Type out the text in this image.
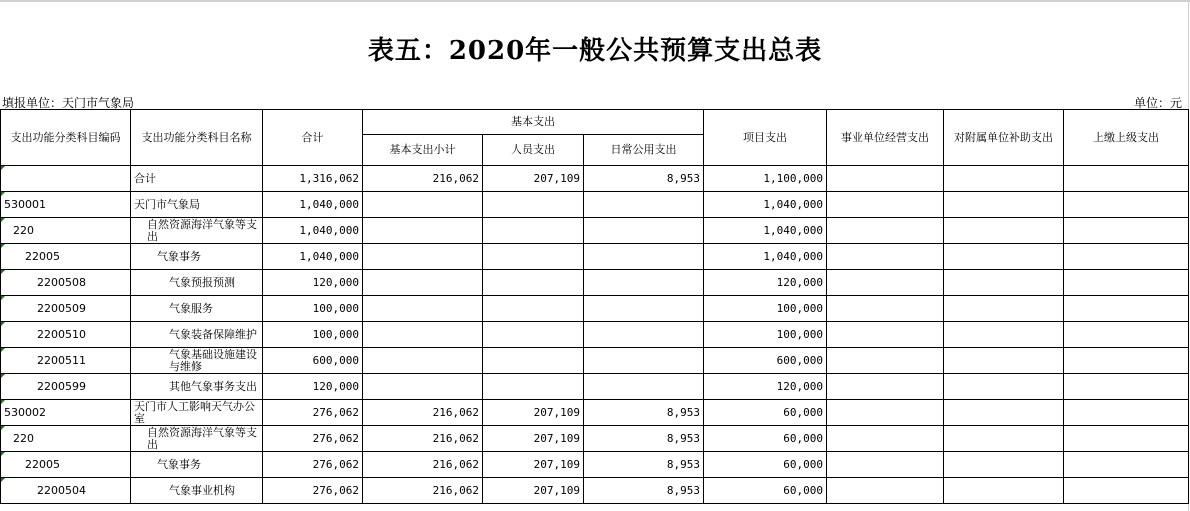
表五：2020年一般公共预算支出总表
填报单位：天门市气象局	单位：元
支出功能分类科目编码	支出功能分类科目名称	合计	基本支出			项目支出	事业单位经营支出	对附属单位补助支出	上缴上级支出
			基本支出小计	人员支出	日常公用支出				
	合计	1,316,062	216,062	207,109	8,953	1,100,000			
530001	天门市气象局	1,040,000				1,040,000			
220	自然资源海洋气象等支出	1,040,000				1,040,000			
22005	气象事务	1,040,000				1,040,000			
2200508	气象预报预测	120,000				120,000			
2200509	气象服务	100,000				100,000			
2200510	气象装备保障维护	100,000				100,000			
2200511	气象基础设施建设与维修	600,000				600,000			
2200599	其他气象事务支出	120,000				120,000			
530002	天门市人工影响天气办公室	276,062	216,062	207,109	8,953	60,000			
220	自然资源海洋气象等支出	276,062	216,062	207,109	8,953	60,000			
22005	气象事务	276,062	216,062	207,109	8,953	60,000			
2200504	气象事业机构	276,062	216,062	207,109	8,953	60,000			
